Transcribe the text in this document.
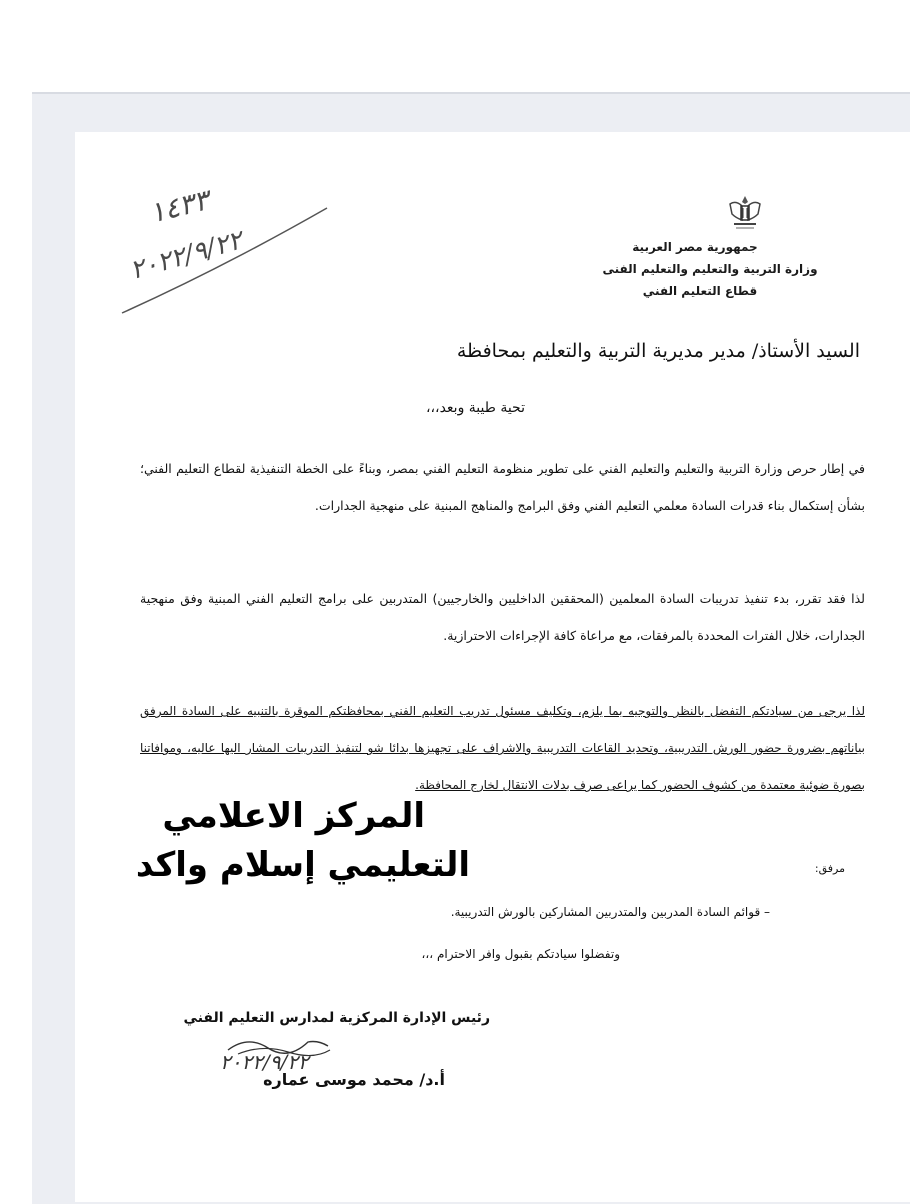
جمهورية مصر العربية
وزارة التربية والتعليم والتعليم الفنى
قطاع التعليم الفني
١٤٣٣
٢٠٢٢/٩/٢٢
السيد الأستاذ/ مدير مديرية التربية والتعليم بمحافظة
تحية طيبة وبعد،،،
في إطار حرص وزارة التربية والتعليم والتعليم الفني على تطوير منظومة التعليم الفني بمصر، وبناءً على الخطة التنفيذية لقطاع التعليم الفني؛ بشأن إستكمال بناء قدرات السادة معلمي التعليم الفني وفق البرامج والمناهج المبنية على منهجية الجدارات.
لذا فقد تقرر، بدء تنفيذ تدريبات السادة المعلمين (المحققين الداخليين والخارجيين) المتدربين على برامج التعليم الفني المبنية وفق منهجية الجدارات، خلال الفترات المحددة بالمرفقات، مع مراعاة كافة الإجراءات الاحترازية.
لذا يرجى من سيادتكم التفضل بالنظر والتوجيه بما يلزم، وتكليف مسئول تدريب التعليم الفني بمحافظتكم الموقرة بالتنبيه على السادة المرفق بياناتهم بضرورة حضور الورش التدريبية، وتحديد القاعات التدريبية والاشراف على تجهيزها بدائا شو لتنفيذ التدريبات المشار اليها عاليه، وموافاتنا بصورة ضوئية معتمدة من كشوف الحضور كما يراعى صرف بدلات الانتقال لخارج المحافظة.
المركز الاعلامي
التعليمي إسلام واكد	مرفق:
– قوائم السادة المدربين والمتدربين المشاركين بالورش التدريبية.
وتفضلوا سيادتكم بقبول وافر الاحترام ،،،
رئيس الإدارة المركزية لمدارس التعليم الفني
٢٠٢٢/٩/٢٢
أ.د/ محمد موسى عماره
